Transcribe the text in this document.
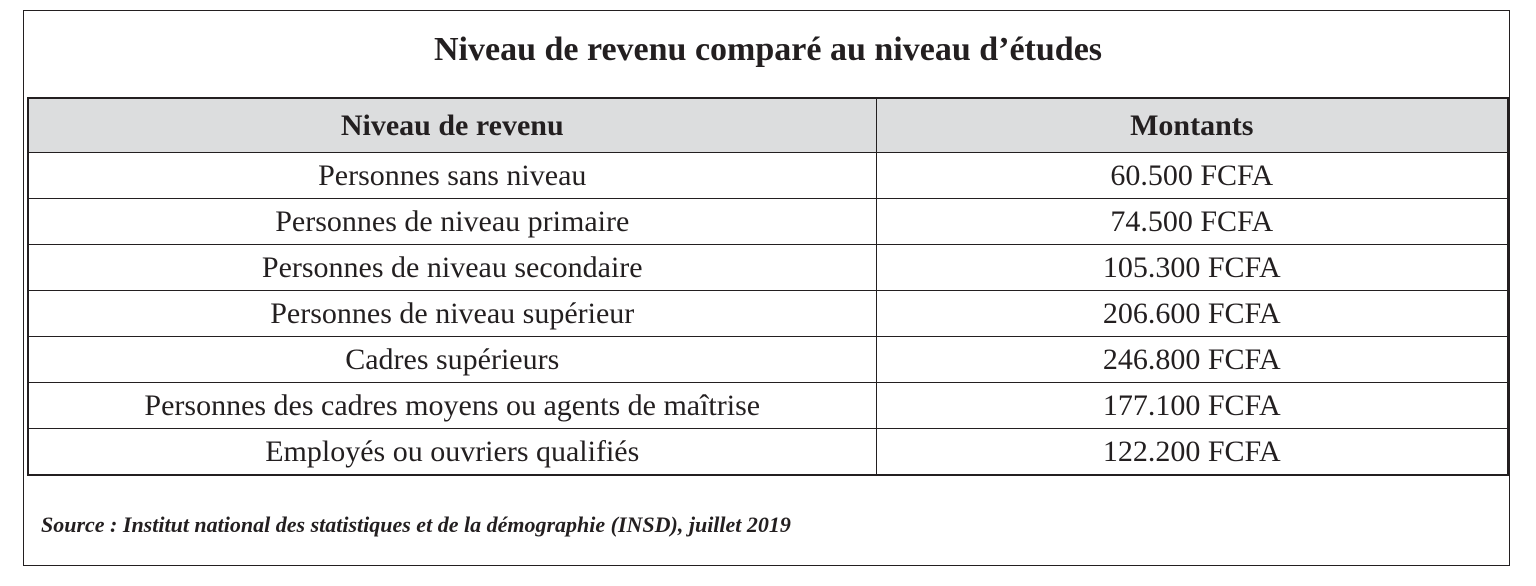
Niveau de revenu comparé au niveau d’études
Niveau de revenu	Montants
Personnes sans niveau	60.500 FCFA
Personnes de niveau primaire	74.500 FCFA
Personnes de niveau secondaire	105.300 FCFA
Personnes de niveau supérieur	206.600 FCFA
Cadres supérieurs	246.800 FCFA
Personnes des cadres moyens ou agents de maîtrise	177.100 FCFA
Employés ou ouvriers qualifiés	122.200 FCFA
Source : Institut national des statistiques et de la démographie (INSD), juillet 2019
